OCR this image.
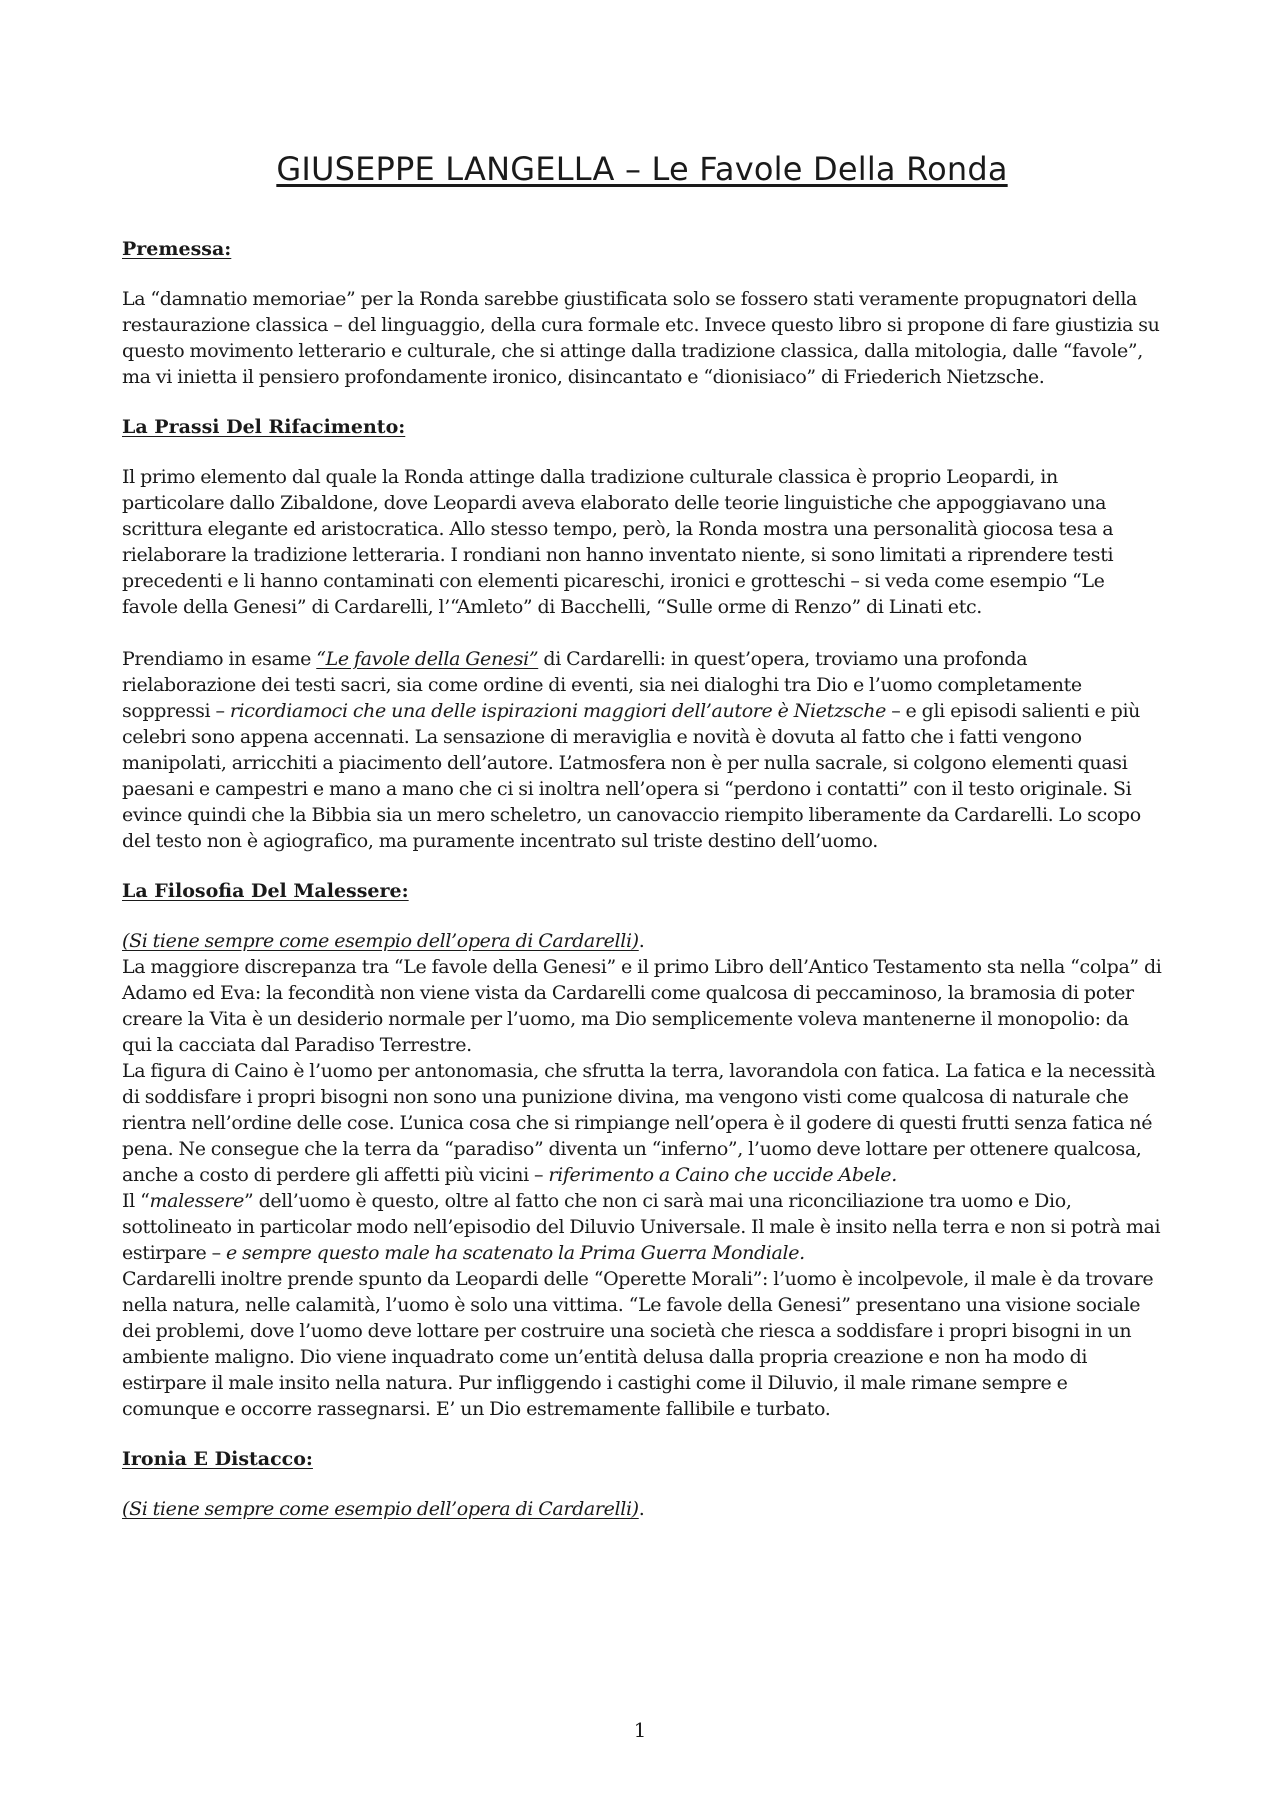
GIUSEPPE LANGELLA – Le Favole Della Ronda
Premessa:

La “damnatio memoriae” per la Ronda sarebbe giustificata solo se fossero stati veramente propugnatori della restaurazione classica – del linguaggio, della cura formale etc. Invece questo libro si propone di fare giustizia su questo movimento letterario e culturale, che si attinge dalla tradizione classica, dalla mitologia, dalle “favole”, ma vi inietta il pensiero profondamente ironico, disincantato e “dionisiaco” di Friederich Nietzsche.

La Prassi Del Rifacimento:

Il primo elemento dal quale la Ronda attinge dalla tradizione culturale classica è proprio Leopardi, in particolare dallo Zibaldone, dove Leopardi aveva elaborato delle teorie linguistiche che appoggiavano una scrittura elegante ed aristocratica. Allo stesso tempo, però, la Ronda mostra una personalità giocosa tesa a rielaborare la tradizione letteraria. I rondiani non hanno inventato niente, si sono limitati a riprendere testi precedenti e li hanno contaminati con elementi picareschi, ironici e grotteschi – si veda come esempio “Le favole della Genesi” di Cardarelli, l’“Amleto” di Bacchelli, “Sulle orme di Renzo” di Linati etc.

Prendiamo in esame “Le favole della Genesi” di Cardarelli: in quest’opera, troviamo una profonda rielaborazione dei testi sacri, sia come ordine di eventi, sia nei dialoghi tra Dio e l’uomo completamente soppressi – ricordiamoci che una delle ispirazioni maggiori dell’autore è Nietzsche – e gli episodi salienti e più celebri sono appena accennati. La sensazione di meraviglia e novità è dovuta al fatto che i fatti vengono manipolati, arricchiti a piacimento dell’autore. L’atmosfera non è per nulla sacrale, si colgono elementi quasi paesani e campestri e mano a mano che ci si inoltra nell’opera si “perdono i contatti” con il testo originale. Si evince quindi che la Bibbia sia un mero scheletro, un canovaccio riempito liberamente da Cardarelli. Lo scopo del testo non è agiografico, ma puramente incentrato sul triste destino dell’uomo.

La Filosofia Del Malessere:

(Si tiene sempre come esempio dell’opera di Cardarelli).

La maggiore discrepanza tra “Le favole della Genesi” e il primo Libro dell’Antico Testamento sta nella “colpa” di Adamo ed Eva: la fecondità non viene vista da Cardarelli come qualcosa di peccaminoso, la bramosia di poter creare la Vita è un desiderio normale per l’uomo, ma Dio semplicemente voleva mantenerne il monopolio: da qui la cacciata dal Paradiso Terrestre.

La figura di Caino è l’uomo per antonomasia, che sfrutta la terra, lavorandola con fatica. La fatica e la necessità di soddisfare i propri bisogni non sono una punizione divina, ma vengono visti come qualcosa di naturale che rientra nell’ordine delle cose. L’unica cosa che si rimpiange nell’opera è il godere di questi frutti senza fatica né pena. Ne consegue che la terra da “paradiso” diventa un “inferno”, l’uomo deve lottare per ottenere qualcosa, anche a costo di perdere gli affetti più vicini – riferimento a Caino che uccide Abele.

Il “malessere” dell’uomo è questo, oltre al fatto che non ci sarà mai una riconciliazione tra uomo e Dio, sottolineato in particolar modo nell’episodio del Diluvio Universale. Il male è insito nella terra e non si potrà mai estirpare – e sempre questo male ha scatenato la Prima Guerra Mondiale.

Cardarelli inoltre prende spunto da Leopardi delle “Operette Morali”: l’uomo è incolpevole, il male è da trovare nella natura, nelle calamità, l’uomo è solo una vittima. “Le favole della Genesi” presentano una visione sociale dei problemi, dove l’uomo deve lottare per costruire una società che riesca a soddisfare i propri bisogni in un ambiente maligno. Dio viene inquadrato come un’entità delusa dalla propria creazione e non ha modo di estirpare il male insito nella natura. Pur infliggendo i castighi come il Diluvio, il male rimane sempre e comunque e occorre rassegnarsi. E’ un Dio estremamente fallibile e turbato.

Ironia E Distacco:

(Si tiene sempre come esempio dell’opera di Cardarelli).

1
